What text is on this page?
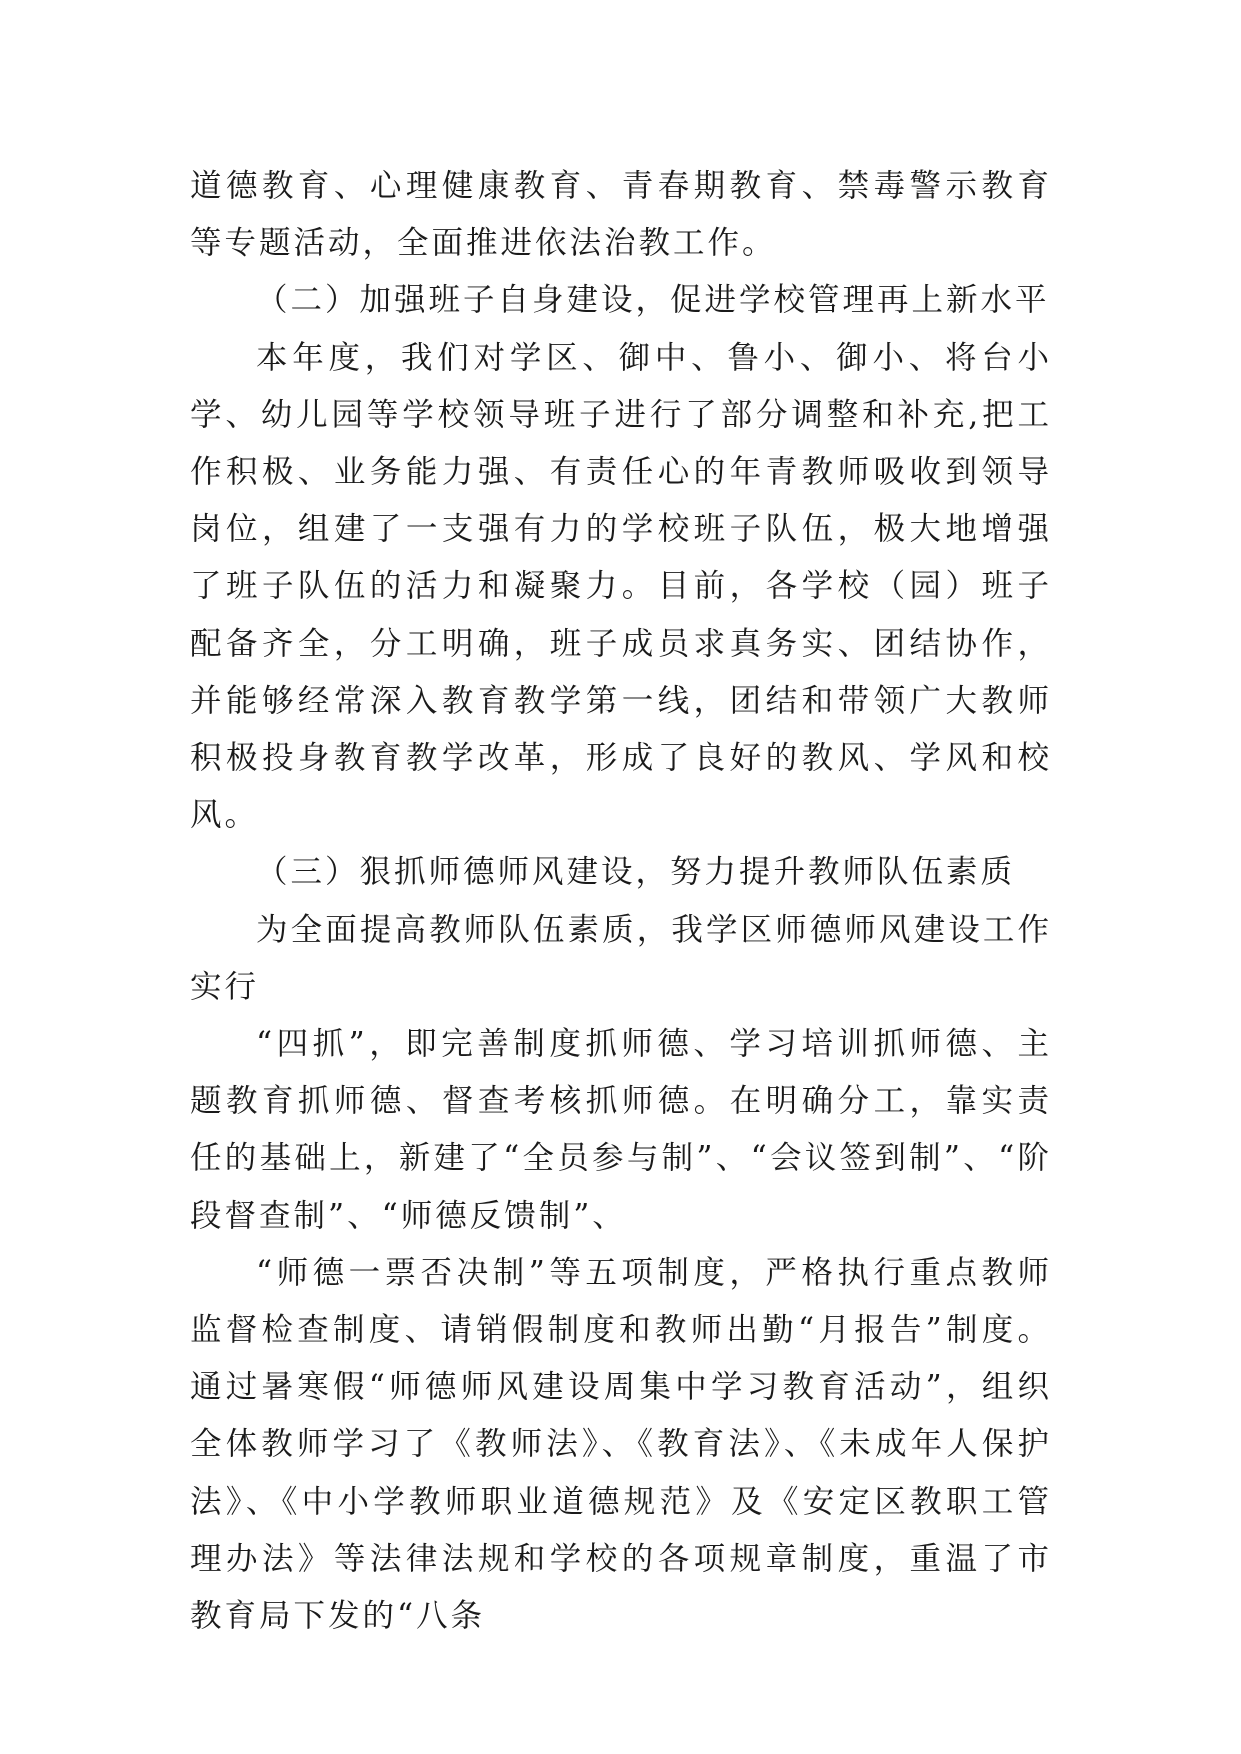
道德教育、心理健康教育、青春期教育、禁毒警示教育等专题活动，全面推进依法治教工作。

（二）加强班子自身建设，促进学校管理再上新水平

本年度，我们对学区、御中、鲁小、御小、将台小学、幼儿园等学校领导班子进行了部分调整和补充,把工作积极、业务能力强、有责任心的年青教师吸收到领导岗位，组建了一支强有力的学校班子队伍，极大地增强了班子队伍的活力和凝聚力。目前，各学校（园）班子配备齐全，分工明确，班子成员求真务实、团结协作，并能够经常深入教育教学第一线，团结和带领广大教师积极投身教育教学改革，形成了良好的教风、学风和校风。

（三）狠抓师德师风建设，努力提升教师队伍素质

为全面提高教师队伍素质，我学区师德师风建设工作实行

“四抓”，即完善制度抓师德、学习培训抓师德、主题教育抓师德、督查考核抓师德。在明确分工，靠实责任的基础上，新建了“全员参与制”、“会议签到制”、“阶段督查制”、“师德反馈制”、

“师德一票否决制”等五项制度，严格执行重点教师监督检查制度、请销假制度和教师出勤“月报告”制度。通过暑寒假“师德师风建设周集中学习教育活动”，组织全体教师学习了《教师法》、《教育法》、《未成年人保护法》、《中小学教师职业道德规范》及《安定区教职工管理办法》等法律法规和学校的各项规章制度，重温了市教育局下发的“八条
